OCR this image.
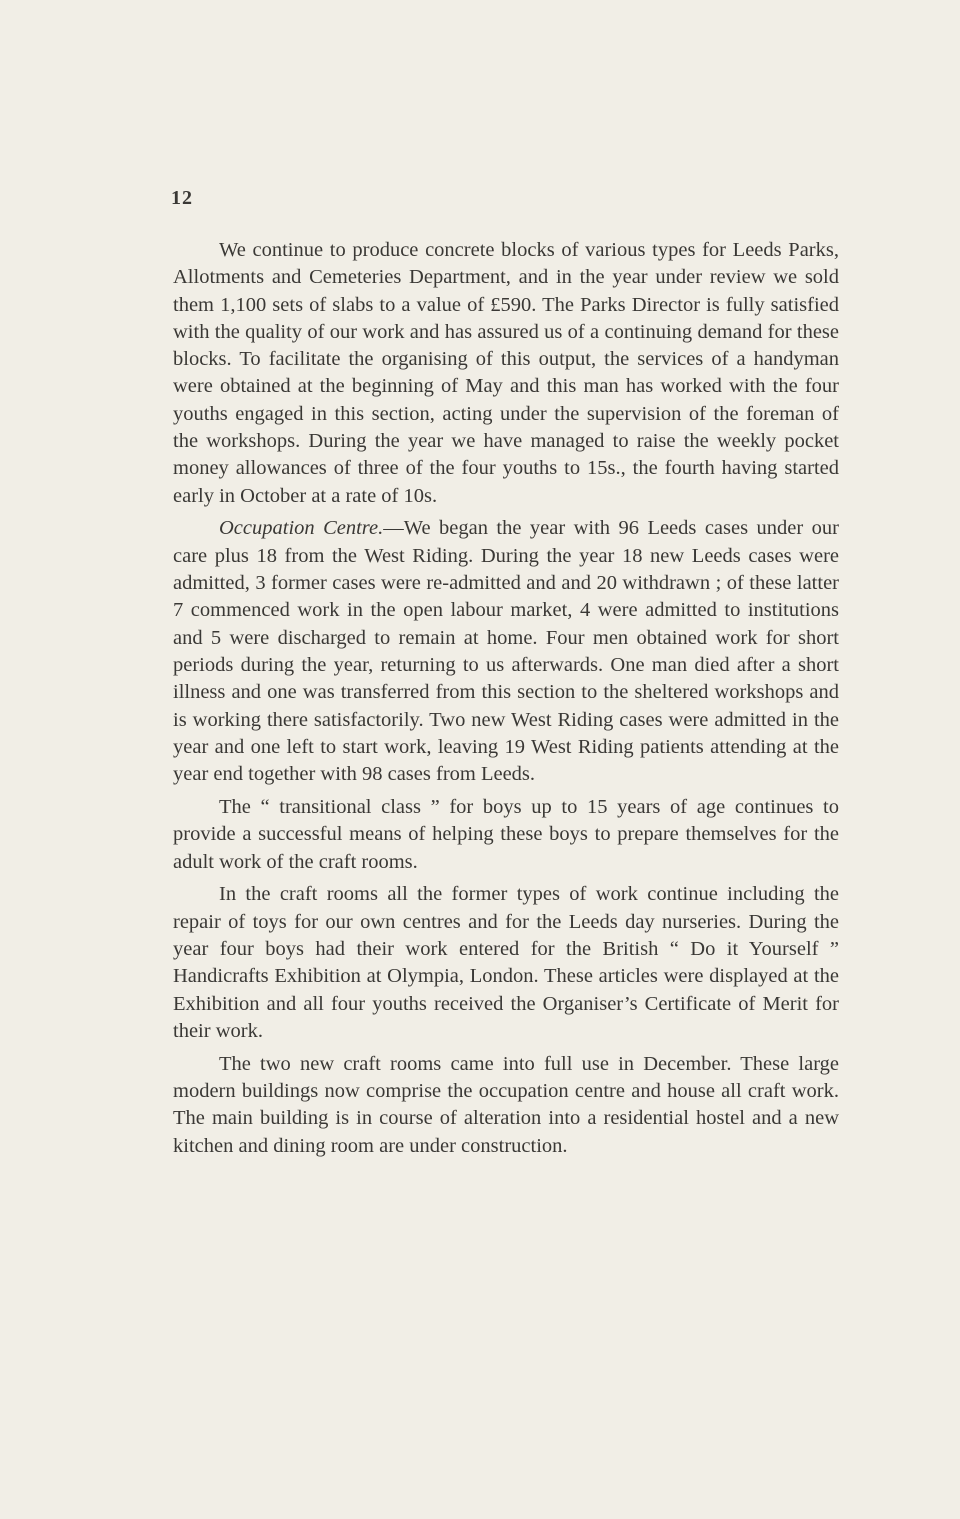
12

We continue to produce concrete blocks of various types for Leeds Parks, Allotments and Cemeteries Department, and in the year under review we sold them 1,100 sets of slabs to a value of £590. The Parks Director is fully satisfied with the quality of our work and has assured us of a continuing demand for these blocks. To facilitate the organising of this output, the services of a handyman were obtained at the beginning of May and this man has worked with the four youths engaged in this section, acting under the supervision of the foreman of the workshops. During the year we have managed to raise the weekly pocket money allowances of three of the four youths to 15s., the fourth having started early in October at a rate of 10s.

Occupation Centre.—We began the year with 96 Leeds cases under our care plus 18 from the West Riding. During the year 18 new Leeds cases were admitted, 3 former cases were re-admitted and and 20 withdrawn ; of these latter 7 commenced work in the open labour market, 4 were admitted to institutions and 5 were discharged to remain at home. Four men obtained work for short periods during the year, returning to us afterwards. One man died after a short illness and one was transferred from this section to the sheltered workshops and is working there satisfactorily. Two new West Riding cases were admitted in the year and one left to start work, leaving 19 West Riding patients attending at the year end together with 98 cases from Leeds.

The “ transitional class ” for boys up to 15 years of age continues to provide a successful means of helping these boys to prepare themselves for the adult work of the craft rooms.

In the craft rooms all the former types of work continue including the repair of toys for our own centres and for the Leeds day nurseries. During the year four boys had their work entered for the British “ Do it Yourself ” Handicrafts Exhibition at Olympia, London. These articles were displayed at the Exhibition and all four youths received the Organiser’s Certificate of Merit for their work.

The two new craft rooms came into full use in December. These large modern buildings now comprise the occupation centre and house all craft work. The main building is in course of alteration into a residential hostel and a new kitchen and dining room are under construction.
